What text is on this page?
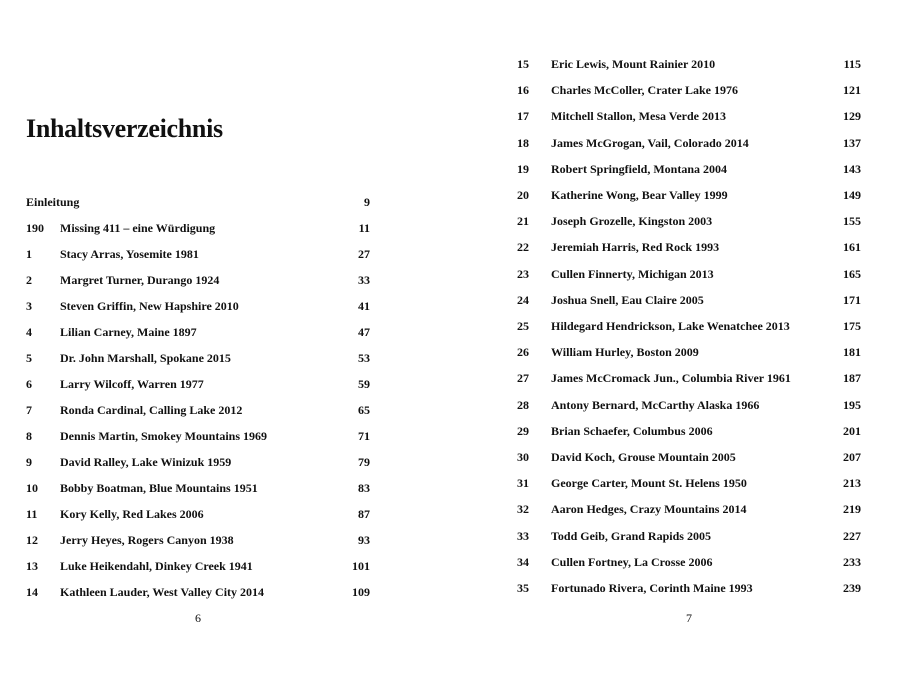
Inhaltsverzeichnis
Einleitung	9
190 Missing 411 – eine Würdigung	11
1 Stacy Arras, Yosemite 1981	27
2 Margret Turner, Durango 1924	33
3 Steven Griffin, New Hapshire 2010	41
4 Lilian Carney, Maine 1897	47
5 Dr. John Marshall, Spokane 2015	53
6 Larry Wilcoff, Warren 1977	59
7 Ronda Cardinal, Calling Lake 2012	65
8 Dennis Martin, Smokey Mountains 1969	71
9 David Ralley, Lake Winizuk 1959	79
10 Bobby Boatman, Blue Mountains 1951	83
11 Kory Kelly, Red Lakes 2006	87
12 Jerry Heyes, Rogers Canyon 1938	93
13 Luke Heikendahl, Dinkey Creek 1941	101
14 Kathleen Lauder, West Valley City 2014	109
6
15 Eric Lewis, Mount Rainier 2010	115
16 Charles McColler, Crater Lake 1976	121
17 Mitchell Stallon, Mesa Verde 2013	129
18 James McGrogan, Vail, Colorado 2014	137
19 Robert Springfield, Montana 2004	143
20 Katherine Wong, Bear Valley 1999	149
21 Joseph Grozelle, Kingston 2003	155
22 Jeremiah Harris, Red Rock 1993	161
23 Cullen Finnerty, Michigan 2013	165
24 Joshua Snell, Eau Claire 2005	171
25 Hildegard Hendrickson, Lake Wenatchee 2013	175
26 William Hurley, Boston 2009	181
27 James McCromack Jun., Columbia River 1961	187
28 Antony Bernard, McCarthy Alaska 1966	195
29 Brian Schaefer, Columbus 2006	201
30 David Koch, Grouse Mountain 2005	207
31 George Carter, Mount St. Helens 1950	213
32 Aaron Hedges, Crazy Mountains 2014	219
33 Todd Geib, Grand Rapids 2005	227
34 Cullen Fortney, La Crosse 2006	233
35 Fortunado Rivera, Corinth Maine 1993	239
7
